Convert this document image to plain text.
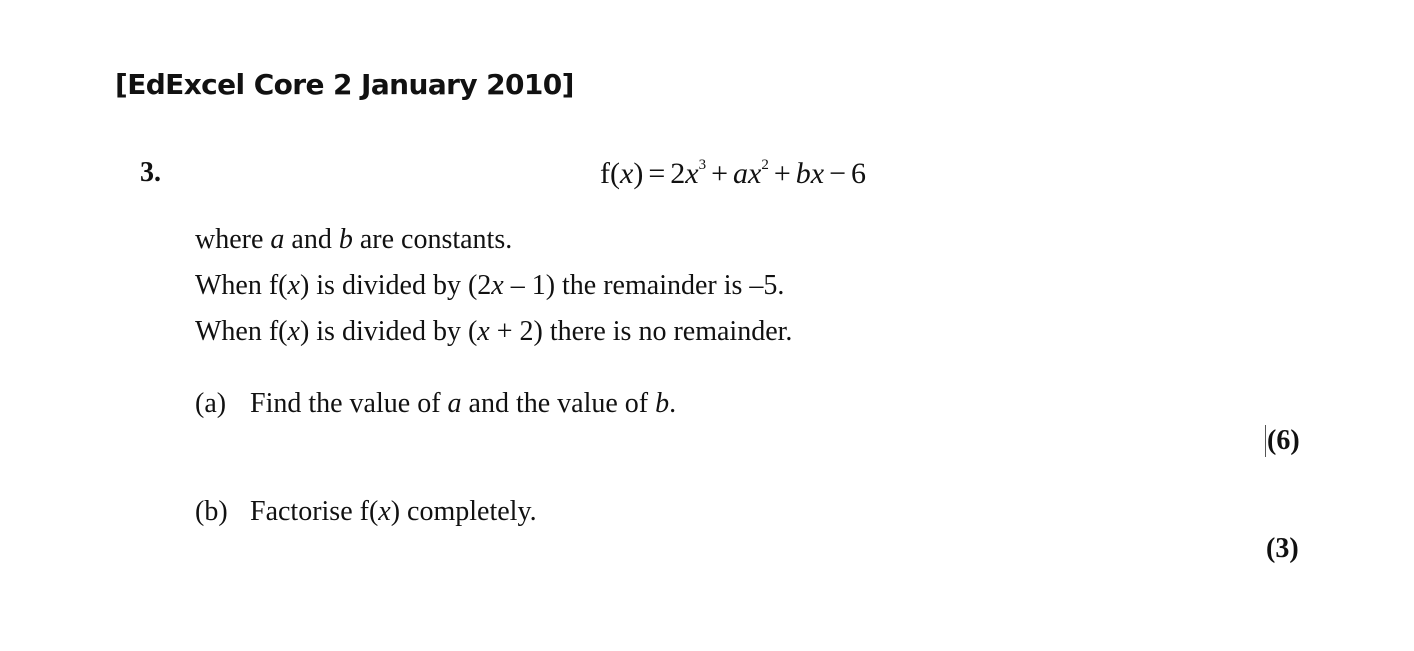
[EdExcel Core 2 January 2010]
3.	$f(x) = 2x^3 + ax^2$ + bx − 6
where a and b are constants.
When f(x) is divided by (2x – 1) the remainder is –5.
When f(x) is divided by (x + 2) there is no remainder.
(a) Find the value of a and the value of b.
(6)
(b) Factorise f(x) completely.
(3)
